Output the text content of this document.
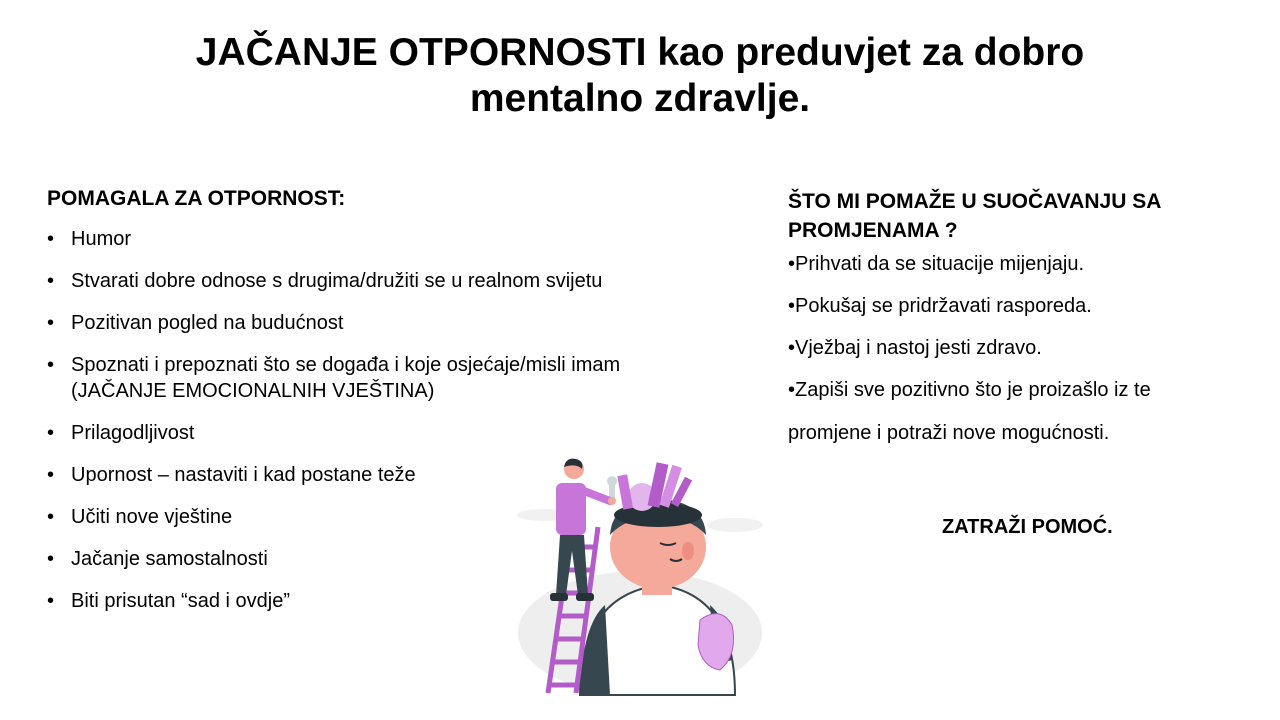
JAČANJE OTPORNOSTI kao preduvjet za dobro
mentalno zdravlje.
POMAGALA ZA OTPORNOST:
• Humor
• Stvarati dobre odnose s drugima/družiti se u realnom svijetu
• Pozitivan pogled na budućnost
• Spoznati i prepoznati što se događa i koje osjećaje/misli imam (JAČANJE EMOCIONALNIH VJEŠTINA)
• Prilagodljivost
• Upornost – nastaviti i kad postane teže
• Učiti nove vještine
• Jačanje samostalnosti
• Biti prisutan “sad i ovdje”
ŠTO MI POMAŽE U SUOČAVANJU SA PROMJENAMA ?
•Prihvati da se situacije mijenjaju.
•Pokušaj se pridržavati rasporeda.
•Vježbaj i nastoj jesti zdravo.
•Zapiši sve pozitivno što je proizašlo iz te promjene i potraži nove mogućnosti.
ZATRAŽI POMOĆ.
